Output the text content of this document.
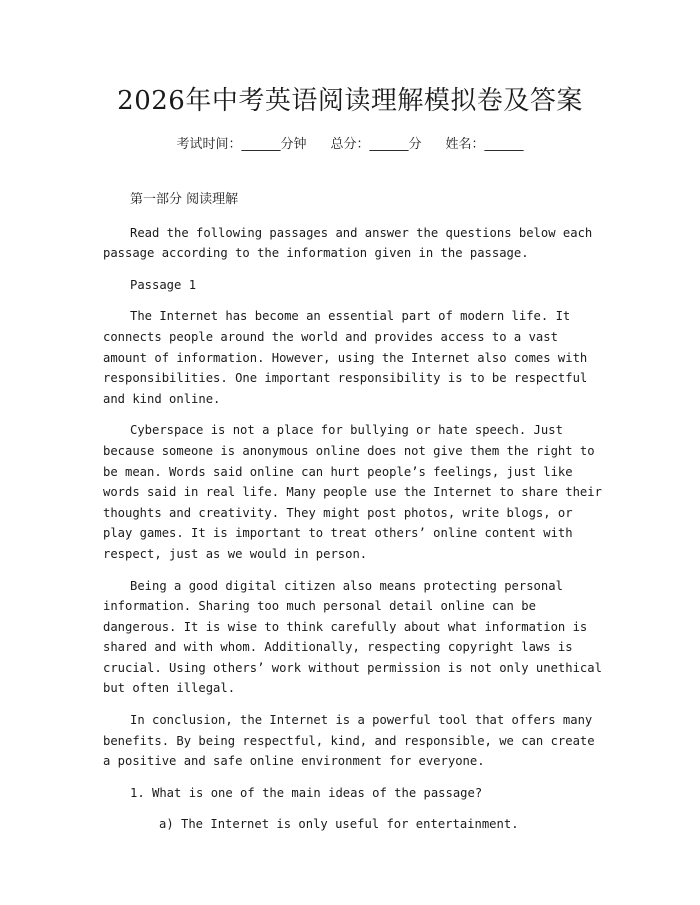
2026年中考英语阅读理解模拟卷及答案
考试时间：______分钟 总分：______分 姓名：______

第一部分 阅读理解

Read the following passages and answer the questions below each passage according to the information given in the passage.

Passage 1

The Internet has become an essential part of modern life. It connects people around the world and provides access to a vast amount of information. However, using the Internet also comes with responsibilities. One important responsibility is to be respectful and kind online.

Cyberspace is not a place for bullying or hate speech. Just because someone is anonymous online does not give them the right to be mean. Words said online can hurt people’s feelings, just like words said in real life. Many people use the Internet to share their thoughts and creativity. They might post photos, write blogs, or play games. It is important to treat others’ online content with respect, just as we would in person.

Being a good digital citizen also means protecting personal information. Sharing too much personal detail online can be dangerous. It is wise to think carefully about what information is shared and with whom. Additionally, respecting copyright laws is crucial. Using others’ work without permission is not only unethical but often illegal.

In conclusion, the Internet is a powerful tool that offers many benefits. By being respectful, kind, and responsible, we can create a positive and safe online environment for everyone.

1. What is one of the main ideas of the passage?
a) The Internet is only useful for entertainment.
